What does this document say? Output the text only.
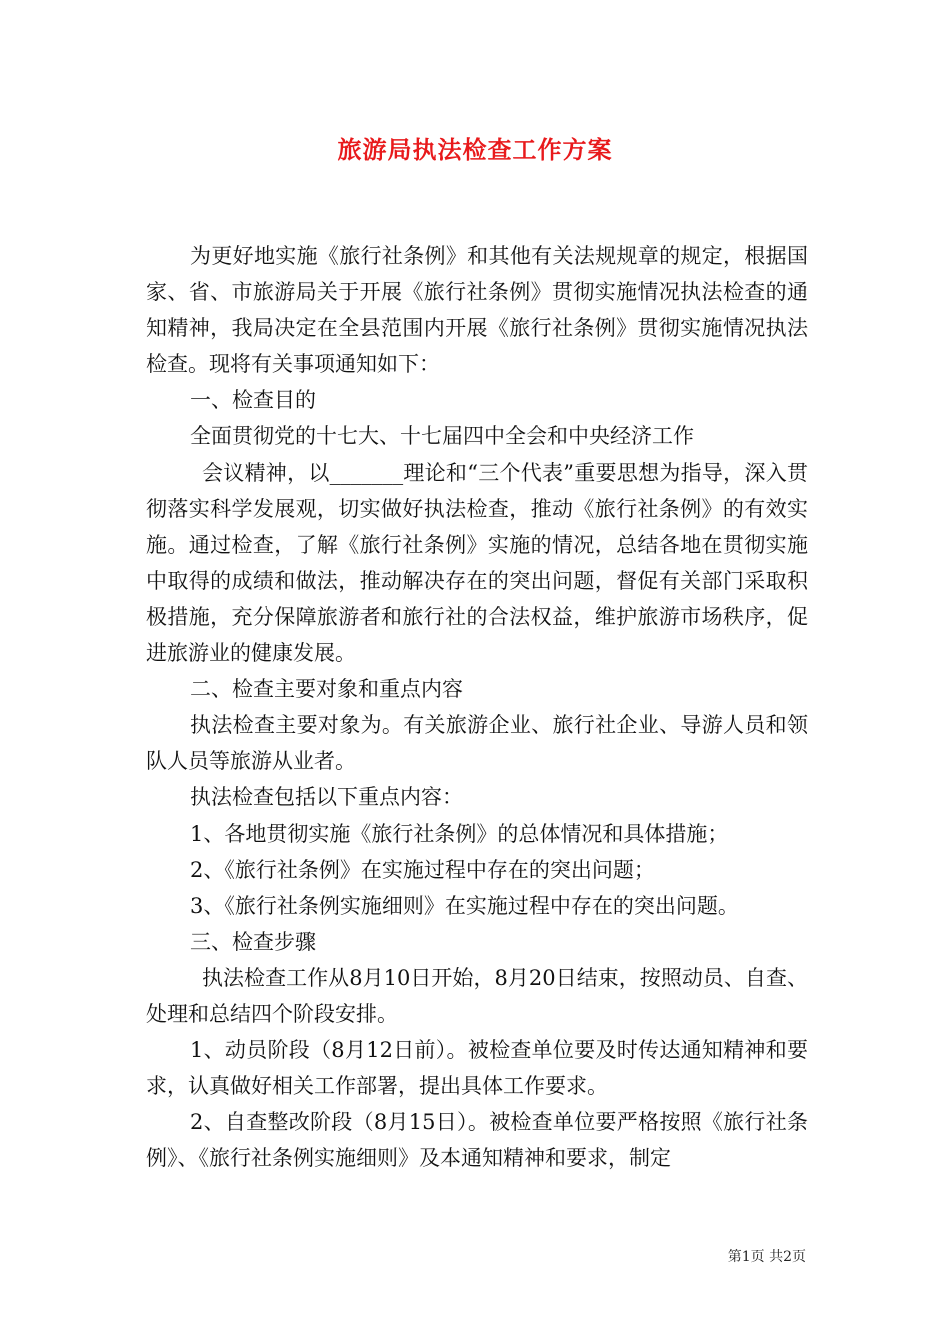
旅游局执法检查工作方案

为更好地实施《旅行社条例》和其他有关法规规章的规定，根据国家、省、市旅游局关于开展《旅行社条例》贯彻实施情况执法检查的通知精神，我局决定在全县范围内开展《旅行社条例》贯彻实施情况执法检查。现将有关事项通知如下：

一、检查目的

全面贯彻党的十七大、十七届四中全会和中央经济工作

会议精神，以_______理论和“三个代表”重要思想为指导，深入贯彻落实科学发展观，切实做好执法检查，推动《旅行社条例》的有效实施。通过检查，了解《旅行社条例》实施的情况，总结各地在贯彻实施中取得的成绩和做法，推动解决存在的突出问题，督促有关部门采取积极措施，充分保障旅游者和旅行社的合法权益，维护旅游市场秩序，促进旅游业的健康发展。

二、检查主要对象和重点内容

执法检查主要对象为。有关旅游企业、旅行社企业、导游人员和领队人员等旅游从业者。

执法检查包括以下重点内容：

1、各地贯彻实施《旅行社条例》的总体情况和具体措施；

2、《旅行社条例》在实施过程中存在的突出问题；

3、《旅行社条例实施细则》在实施过程中存在的突出问题。

三、检查步骤

执法检查工作从8月10日开始，8月20日结束，按照动员、自查、处理和总结四个阶段安排。

1、动员阶段（8月12日前）。被检查单位要及时传达通知精神和要求，认真做好相关工作部署，提出具体工作要求。

2、自查整改阶段（8月15日）。被检查单位要严格按照《旅行社条例》、《旅行社条例实施细则》及本通知精神和要求，制定

第1页 共2页
